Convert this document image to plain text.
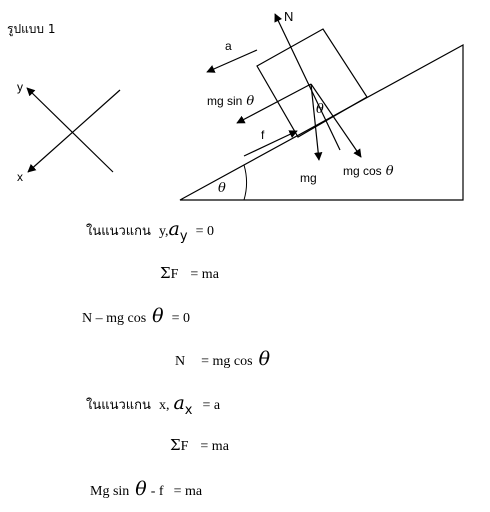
รูปแบบ 1
y
x
θ
N
a
mg sin θ
f
mg mg cos θ
θ
ในแนวแกน y,ay = 0
ΣF = ma
N – mg cos θ = 0
N = mg cos θ
ในแนวแกน x, ax = a
ΣF = ma
Mg sin θ - f = ma
